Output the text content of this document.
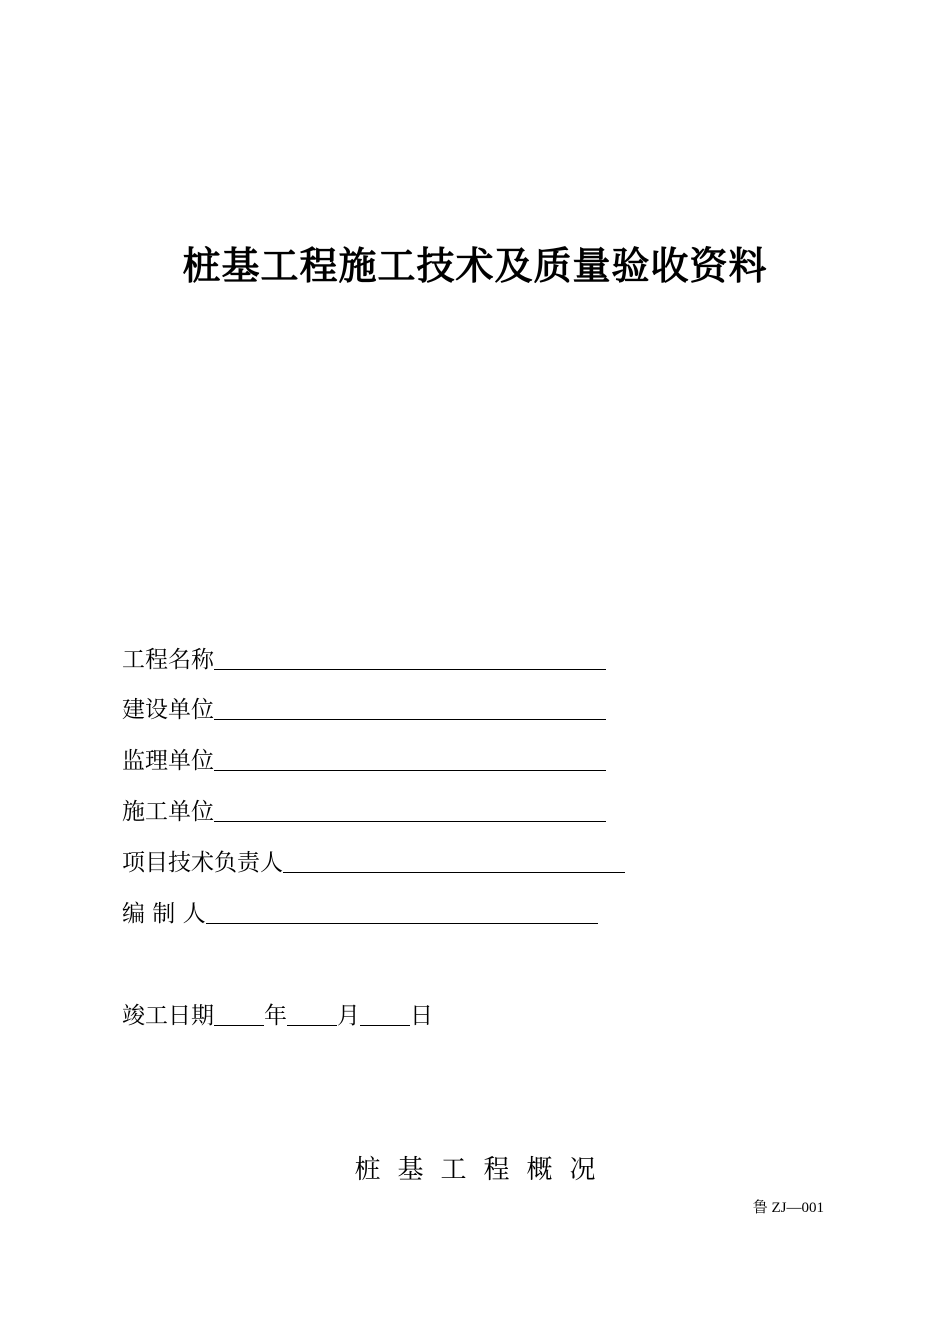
桩基工程施工技术及质量验收资料
工程名称
建设单位
监理单位
施工单位
项目技术负责人
编 制 人
竣工日期 年 月 日
桩基工程概况
鲁 ZJ—001
